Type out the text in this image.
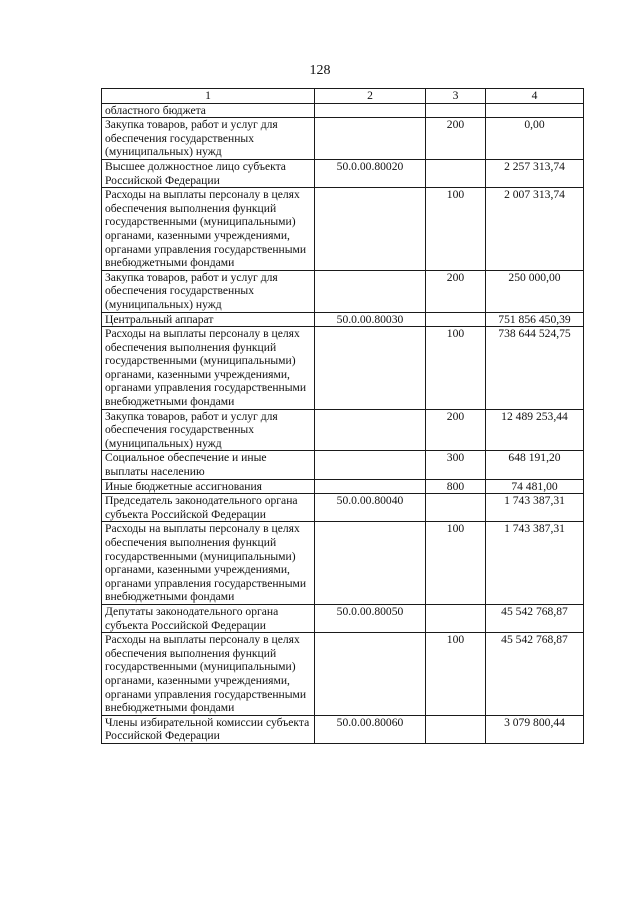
128
1	2	3	4
областного бюджета			
Закупка товаров, работ и услуг для обеспечения государственных (муниципальных) нужд		200	0,00
Высшее должностное лицо субъекта Российской Федерации	50.0.00.80020		2 257 313,74
Расходы на выплаты персоналу в целях обеспечения выполнения функций государственными (муниципальными) органами, казенными учреждениями, органами управления государственными внебюджетными фондами		100	2 007 313,74
Закупка товаров, работ и услуг для обеспечения государственных (муниципальных) нужд		200	250 000,00
Центральный аппарат	50.0.00.80030		751 856 450,39
Расходы на выплаты персоналу в целях обеспечения выполнения функций государственными (муниципальными) органами, казенными учреждениями, органами управления государственными внебюджетными фондами		100	738 644 524,75
Закупка товаров, работ и услуг для обеспечения государственных (муниципальных) нужд		200	12 489 253,44
Социальное обеспечение и иные выплаты населению		300	648 191,20
Иные бюджетные ассигнования		800	74 481,00
Председатель законодательного органа субъекта Российской Федерации	50.0.00.80040		1 743 387,31
Расходы на выплаты персоналу в целях обеспечения выполнения функций государственными (муниципальными) органами, казенными учреждениями, органами управления государственными внебюджетными фондами		100	1 743 387,31
Депутаты законодательного органа субъекта Российской Федерации	50.0.00.80050		45 542 768,87
Расходы на выплаты персоналу в целях обеспечения выполнения функций государственными (муниципальными) органами, казенными учреждениями, органами управления государственными внебюджетными фондами		100	45 542 768,87
Члены избирательной комиссии субъекта Российской Федерации	50.0.00.80060		3 079 800,44
